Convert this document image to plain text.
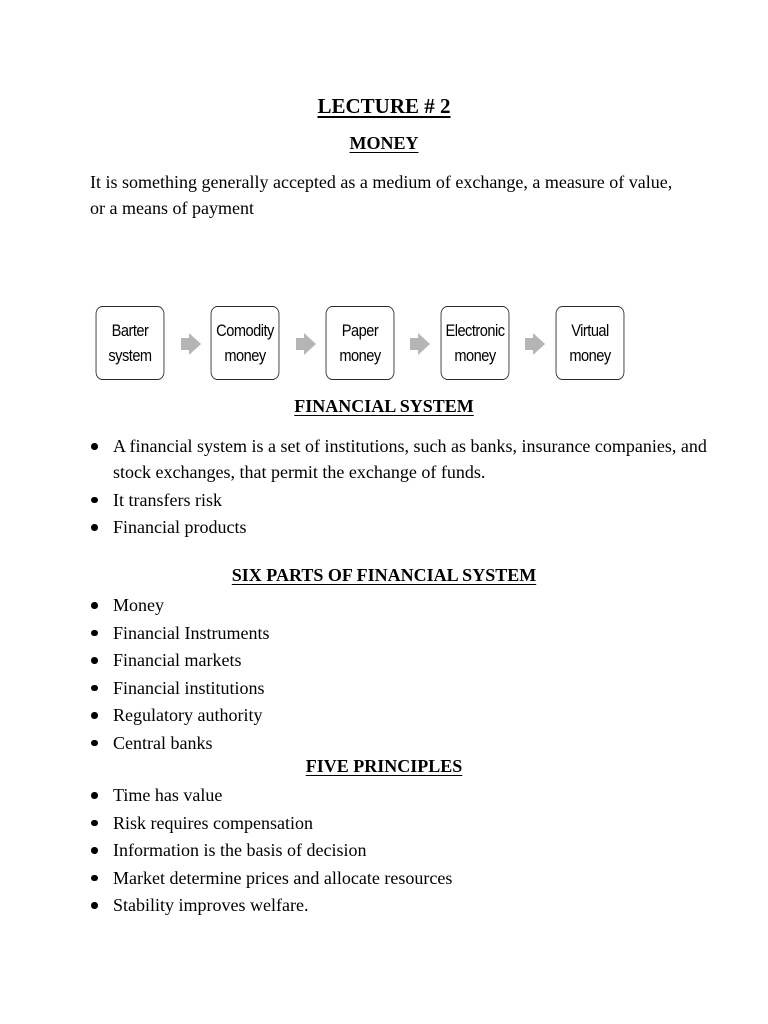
LECTURE # 2
MONEY

It is something generally accepted as a medium of exchange, a measure of value, or a means of payment

Barter
system
Comodity
money
Paper
money
Electronic
money
Virtual
money
FINANCIAL SYSTEM
A financial system is a set of institutions, such as banks, insurance companies, and stock exchanges, that permit the exchange of funds.
It transfers risk
Financial products
SIX PARTS OF FINANCIAL SYSTEM
Money
Financial Instruments
Financial markets
Financial institutions
Regulatory authority
Central banks
FIVE PRINCIPLES
Time has value
Risk requires compensation
Information is the basis of decision
Market determine prices and allocate resources
Stability improves welfare.
